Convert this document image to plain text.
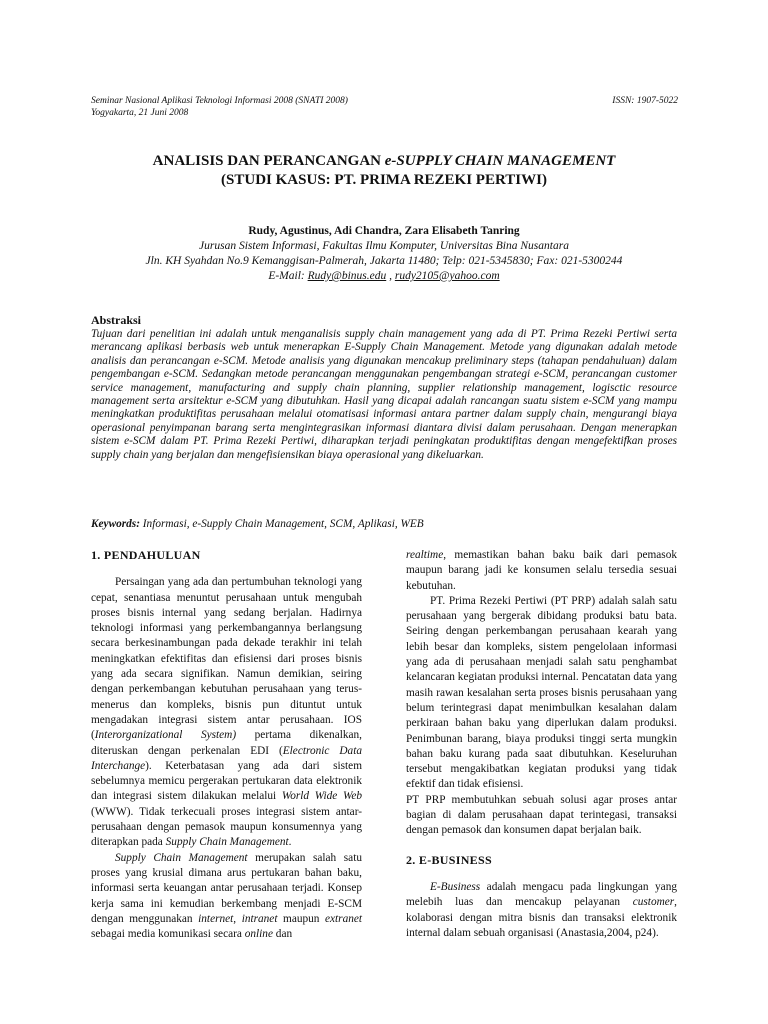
Seminar Nasional Aplikasi Teknologi Informasi 2008 (SNATI 2008)
Yogyakarta, 21 Juni 2008
ISSN: 1907-5022
ANALISIS DAN PERANCANGAN e-SUPPLY CHAIN MANAGEMENT
(STUDI KASUS: PT. PRIMA REZEKI PERTIWI)
Rudy, Agustinus, Adi Chandra, Zara Elisabeth Tanring
Jurusan Sistem Informasi, Fakultas Ilmu Komputer, Universitas Bina Nusantara
Jln. KH Syahdan No.9 Kemanggisan-Palmerah, Jakarta 11480; Telp: 021-5345830; Fax: 021-5300244
E-Mail: Rudy@binus.edu , rudy2105@yahoo.com
Abstraksi
Tujuan dari penelitian ini adalah untuk menganalisis supply chain management yang ada di PT. Prima Rezeki Pertiwi serta merancang aplikasi berbasis web untuk menerapkan E-Supply Chain Management. Metode yang digunakan adalah metode analisis dan perancangan e-SCM. Metode analisis yang digunakan mencakup preliminary steps (tahapan pendahuluan) dalam pengembangan e-SCM. Sedangkan metode perancangan menggunakan pengembangan strategi e-SCM, perancangan customer service management, manufacturing and supply chain planning, supplier relationship management, logisctic resource management serta arsitektur e-SCM yang dibutuhkan. Hasil yang dicapai adalah rancangan suatu sistem e-SCM yang mampu meningkatkan produktifitas perusahaan melalui otomatisasi informasi antara partner dalam supply chain, mengurangi biaya operasional penyimpanan barang serta mengintegrasikan informasi diantara divisi dalam perusahaan. Dengan menerapkan sistem e-SCM dalam PT. Prima Rezeki Pertiwi, diharapkan terjadi peningkatan produktifitas dengan mengefektifkan proses supply chain yang berjalan dan mengefisiensikan biaya operasional yang dikeluarkan.
Keywords: Informasi, e-Supply Chain Management, SCM, Aplikasi, WEB

1. PENDAHULUAN

Persaingan yang ada dan pertumbuhan teknologi yang cepat, senantiasa menuntut perusahaan untuk mengubah proses bisnis internal yang sedang berjalan. Hadirnya teknologi informasi yang perkembangannya berlangsung secara berkesinambungan pada dekade terakhir ini telah meningkatkan efektifitas dan efisiensi dari proses bisnis yang ada secara signifikan. Namun demikian, seiring dengan perkembangan kebutuhan perusahaan yang terus-menerus dan kompleks, bisnis pun dituntut untuk mengadakan integrasi sistem antar perusahaan. IOS (Interorganizational System) pertama dikenalkan, diteruskan dengan perkenalan EDI (Electronic Data Interchange). Keterbatasan yang ada dari sistem sebelumnya memicu pergerakan pertukaran data elektronik dan integrasi sistem dilakukan melalui World Wide Web (WWW). Tidak terkecuali proses integrasi sistem antar-perusahaan dengan pemasok maupun konsumennya yang diterapkan pada Supply Chain Management.

Supply Chain Management merupakan salah satu proses yang krusial dimana arus pertukaran bahan baku, informasi serta keuangan antar perusahaan terjadi. Konsep kerja sama ini kemudian berkembang menjadi E-SCM dengan menggunakan internet, intranet maupun extranet sebagai media komunikasi secara online dan

realtime, memastikan bahan baku baik dari pemasok maupun barang jadi ke konsumen selalu tersedia sesuai kebutuhan.

PT. Prima Rezeki Pertiwi (PT PRP) adalah salah satu perusahaan yang bergerak dibidang produksi batu bata. Seiring dengan perkembangan perusahaan kearah yang lebih besar dan kompleks, sistem pengelolaan informasi yang ada di perusahaan menjadi salah satu penghambat kelancaran kegiatan produksi internal. Pencatatan data yang masih rawan kesalahan serta proses bisnis perusahaan yang belum terintegrasi dapat menimbulkan kesalahan dalam perkiraan bahan baku yang diperlukan dalam produksi. Penimbunan barang, biaya produksi tinggi serta mungkin bahan baku kurang pada saat dibutuhkan. Keseluruhan tersebut mengakibatkan kegiatan produksi yang tidak efektif dan tidak efisiensi.

PT PRP membutuhkan sebuah solusi agar proses antar bagian di dalam perusahaan dapat terintegasi, transaksi dengan pemasok dan konsumen dapat berjalan baik.

2. E-BUSINESS

E-Business adalah mengacu pada lingkungan yang melebih luas dan mencakup pelayanan customer, kolaborasi dengan mitra bisnis dan transaksi elektronik internal dalam sebuah organisasi (Anastasia,2004, p24).
